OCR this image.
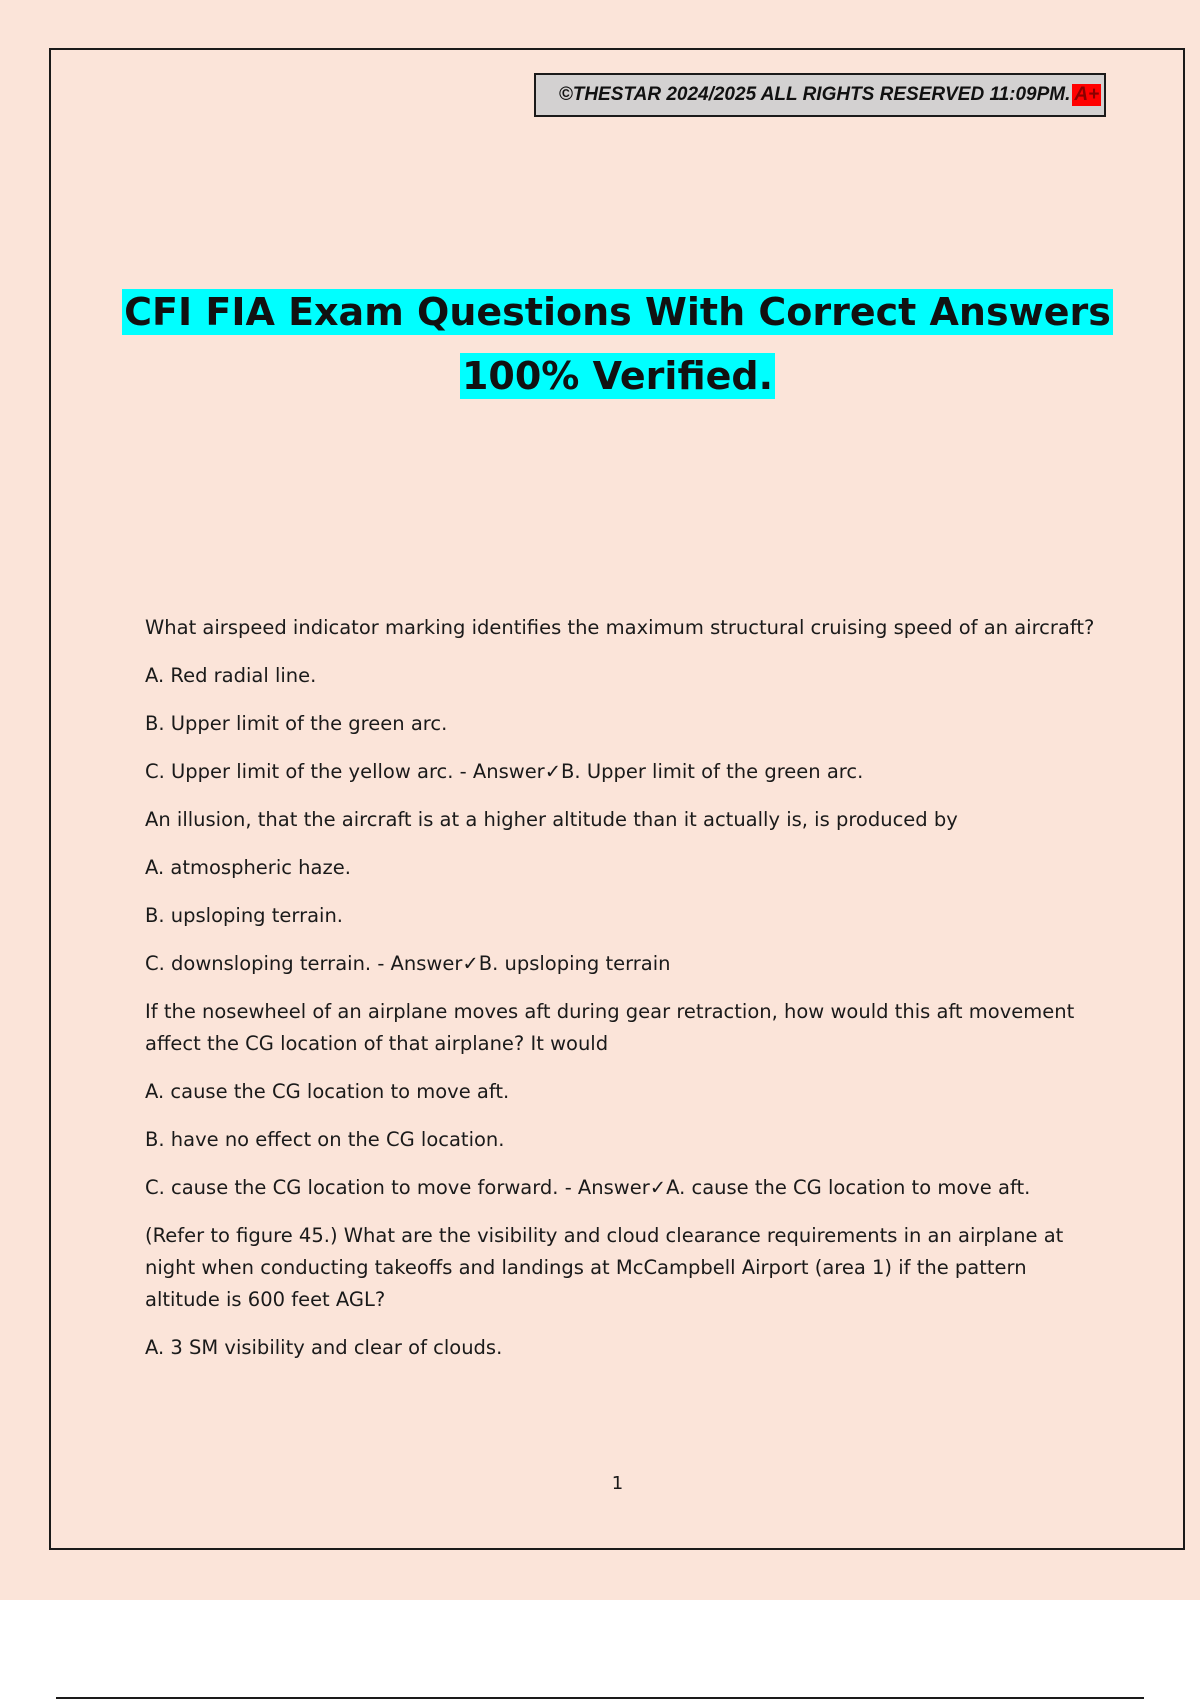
©THESTAR 2024/2025 ALL RIGHTS RESERVED 11:09PM. A+
CFI FIA Exam Questions With Correct Answers
100% Verified.

What airspeed indicator marking identifies the maximum structural cruising speed of an aircraft?

A. Red radial line.

B. Upper limit of the green arc.

C. Upper limit of the yellow arc. - Answer✓B. Upper limit of the green arc.

An illusion, that the aircraft is at a higher altitude than it actually is, is produced by

A. atmospheric haze.

B. upsloping terrain.

C. downsloping terrain. - Answer✓B. upsloping terrain

If the nosewheel of an airplane moves aft during gear retraction, how would this aft movement affect the CG location of that airplane? It would

A. cause the CG location to move aft.

B. have no effect on the CG location.

C. cause the CG location to move forward. - Answer✓A. cause the CG location to move aft.

(Refer to figure 45.) What are the visibility and cloud clearance requirements in an airplane at night when conducting takeoffs and landings at McCampbell Airport (area 1) if the pattern altitude is 600 feet AGL?

A. 3 SM visibility and clear of clouds.

1
